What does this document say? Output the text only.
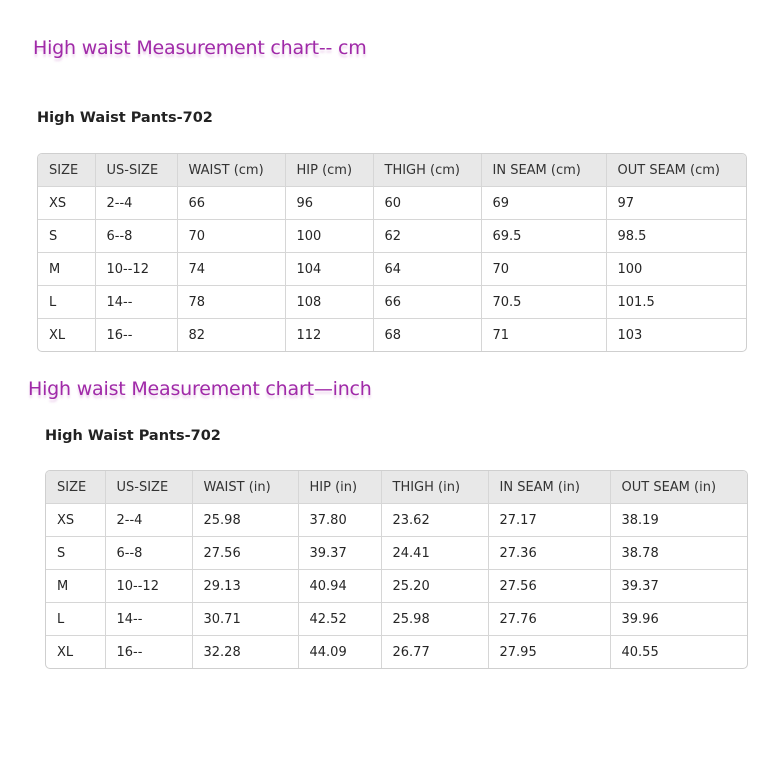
High waist Measurement chart-- cm
High Waist Pants-702
SIZE	US-SIZE	WAIST (cm)	HIP (cm)	THIGH (cm)	IN SEAM (cm)	OUT SEAM (cm)
XS	2--4	66	96	60	69	97
S	6--8	70	100	62	69.5	98.5
M	10--12	74	104	64	70	100
L	14--	78	108	66	70.5	101.5
XL	16--	82	112	68	71	103
High waist Measurement chart—inch
High Waist Pants-702
SIZE	US-SIZE	WAIST (in)	HIP (in)	THIGH (in)	IN SEAM (in)	OUT SEAM (in)
XS	2--4	25.98	37.80	23.62	27.17	38.19
S	6--8	27.56	39.37	24.41	27.36	38.78
M	10--12	29.13	40.94	25.20	27.56	39.37
L	14--	30.71	42.52	25.98	27.76	39.96
XL	16--	32.28	44.09	26.77	27.95	40.55
